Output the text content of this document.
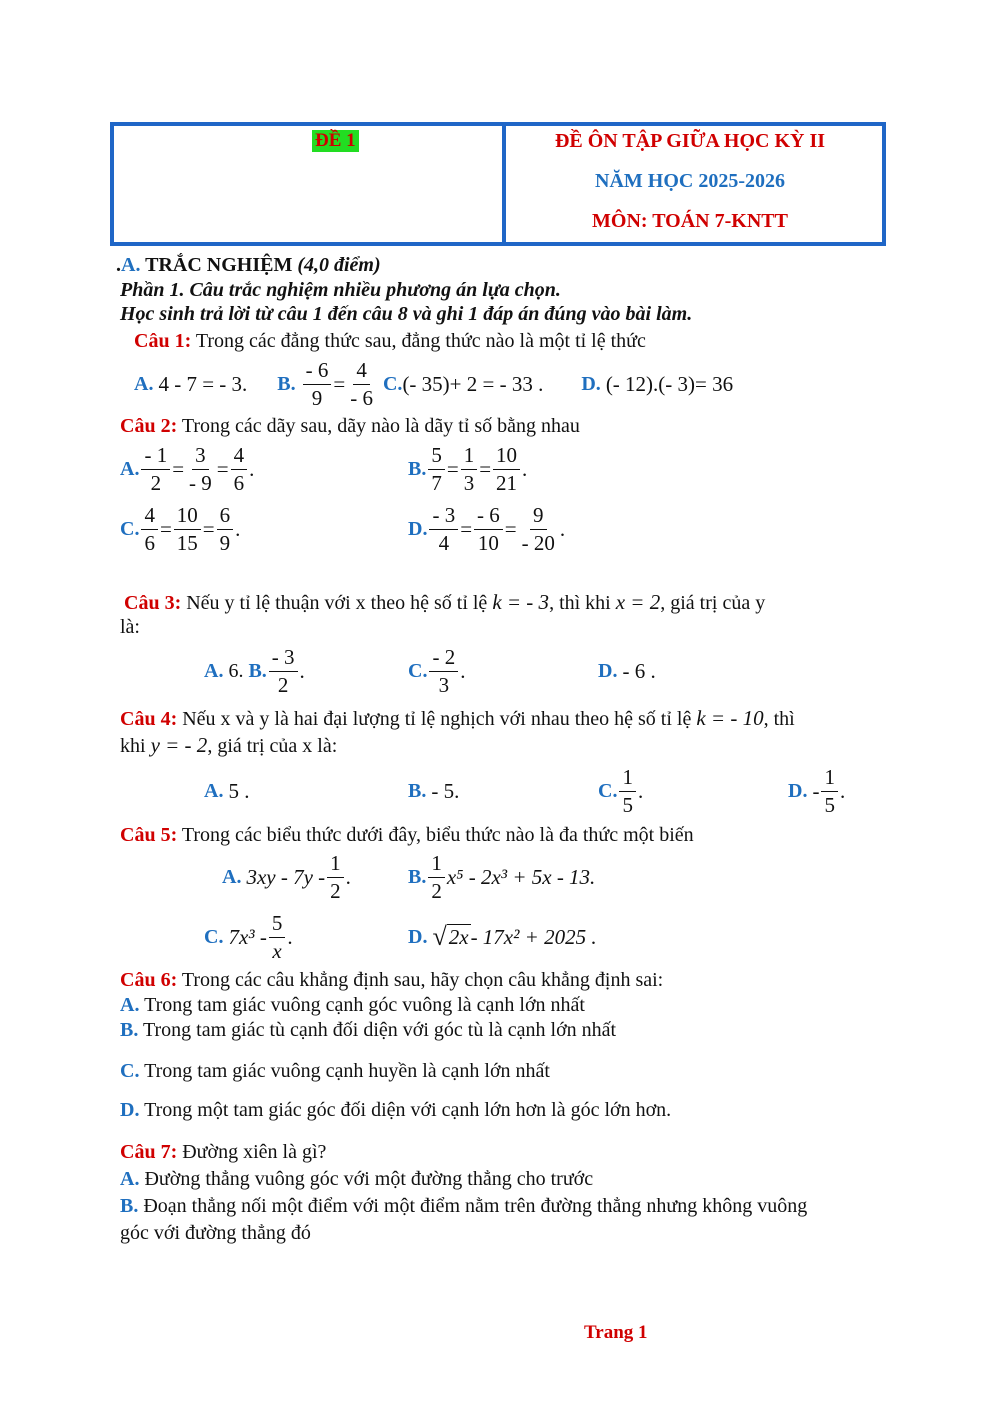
ĐỀ 1	ĐỀ ÔN TẬP GIỮA HỌC KỲ II
NĂM HỌC 2025-2026
MÔN: TOÁN 7-KNTT
.A. TRẮC NGHIỆM (4,0 điểm)
Phần 1. Câu trắc nghiệm nhiều phương án lựa chọn.
Học sinh trả lời từ câu 1 đến câu 8 và ghi 1 đáp án đúng vào bài làm.
Câu 1: Trong các đẳng thức sau, đẳng thức nào là một tỉ lệ thức
A.
4 - 7 = - 3. B.
$\frac{- 6}{9} = \frac{4}{- 6}$
C. (- 35)+ 2 = - 33 . D.
(- 12).(- 3)= 36
Câu 2: Trong các dãy sau, dãy nào là dãy tỉ số bằng nhau
A. $\frac{- 1}{2} = \frac{3}{- 9} = \frac{4}{6}$ .	B. $\frac{5}{7} = \frac{1}{3} = \frac{10}{21}$ .
C. $\frac{4}{6} = \frac{10}{15} = \frac{6}{9}$ .	D. $\frac{- 3}{4} = \frac{- 6}{10} = \frac{9}{- 20}$ .
Câu 3: Nếu y tỉ lệ thuận với x theo hệ số tỉ lệ k = - 3, thì khi x = 2, giá trị của y
là:
A.
6.
B. $\frac{- 3}{2}$ .	C. $\frac{- 2}{3}$ .	D.
- 6 .
Câu 4: Nếu x và y là hai đại lượng tỉ lệ nghịch với nhau theo hệ số tỉ lệ k = - 10, thì
khi y = - 2, giá trị của x là:
A.
5 .	B.
- 5.	C. $\frac{1}{5}$ .	D.
- $\frac{1}{5}$ .
Câu 5: Trong các biểu thức dưới đây, biểu thức nào là đa thức một biến
A.
$3xy - 7y - \frac{1}{2}$ .	B. $\frac{1}{2} x^5 - 2x^3 + 5x - 13$.
C.
$7x^3 - \frac{5}{x}$ .	D.
√ 2x - 17x² + 2025 .
Câu 6: Trong các câu khẳng định sau, hãy chọn câu khẳng định sai:
A. Trong tam giác vuông cạnh góc vuông là cạnh lớn nhất
B. Trong tam giác tù cạnh đối diện với góc tù là cạnh lớn nhất
C. Trong tam giác vuông cạnh huyền là cạnh lớn nhất
D. Trong một tam giác góc đối diện với cạnh lớn hơn là góc lớn hơn.
Câu 7: Đường xiên là gì?
A. Đường thẳng vuông góc với một đường thẳng cho trước
B. Đoạn thẳng nối một điểm với một điểm nằm trên đường thẳng nhưng không vuông
góc với đường thẳng đó
Trang 1
